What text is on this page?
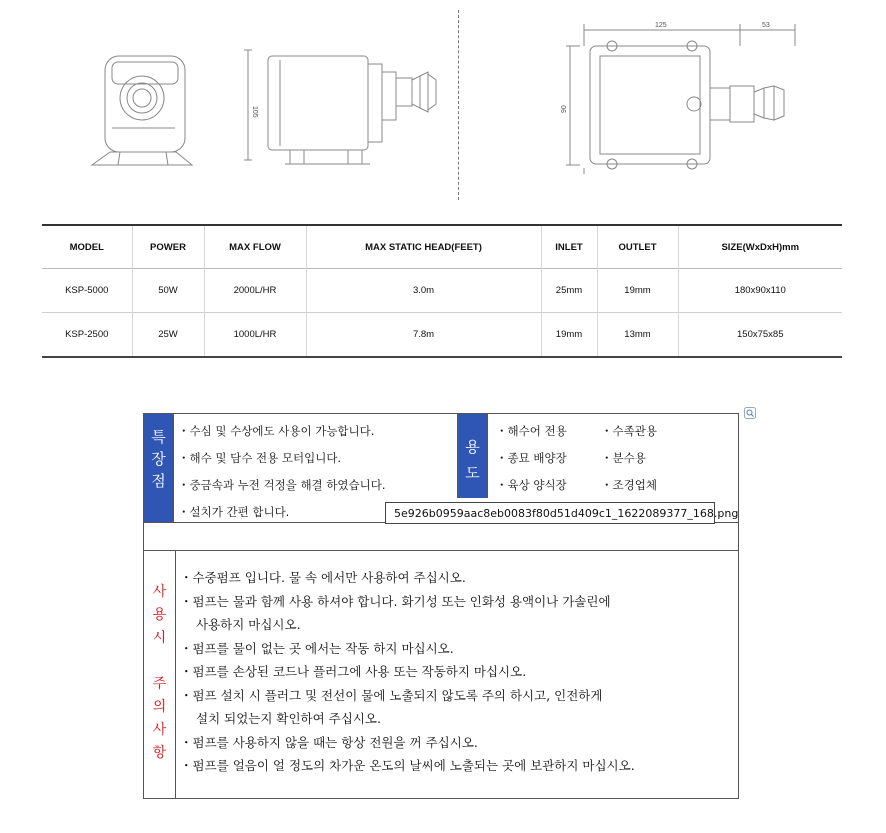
105
125	53
90
MODEL	POWER	MAX FLOW	MAX STATIC HEAD(FEET)	INLET	OUTLET	SIZE(WxDxH)mm
KSP-5000	50W	2000L/HR	3.0m	25mm	19mm	180x90x110
KSP-2500	25W	1000L/HR	7.8m	19mm	13mm	150x75x85
특
장
점
・수심 및 수상에도 사용이 가능합니다.
・해수 및 담수 전용 모터입니다.
・중금속과 누전 걱정을 해결 하였습니다.
・설치가 간편 합니다.
용
도
・해수어 전용	・수족관용
・종묘 배양장	・분수용
・육상 양식장	・조경업체
사
용
시
주
의
사
항
・수중펌프 입니다. 물 속 에서만 사용하여 주십시오.
・펌프는 물과 함께 사용 하셔야 합니다. 화기성 또는 인화성 용액이나 가솔린에
사용하지 마십시오.
・펌프를 물이 없는 곳 에서는 작동 하지 마십시오.
・펌프를 손상된 코드나 플러그에 사용 또는 작동하지 마십시오.
・펌프 설치 시 플러그 및 전선이 물에 노출되지 않도록 주의 하시고, 인전하게
설치 되었는지 확인하여 주십시오.
・펌프를 사용하지 않을 때는 항상 전원을 꺼 주십시오.
・펌프를 얼음이 얼 정도의 차가운 온도의 날씨에 노출되는 곳에 보관하지 마십시오.
5e926b0959aac8eb0083f80d51d409c1_1622089377_168.png
